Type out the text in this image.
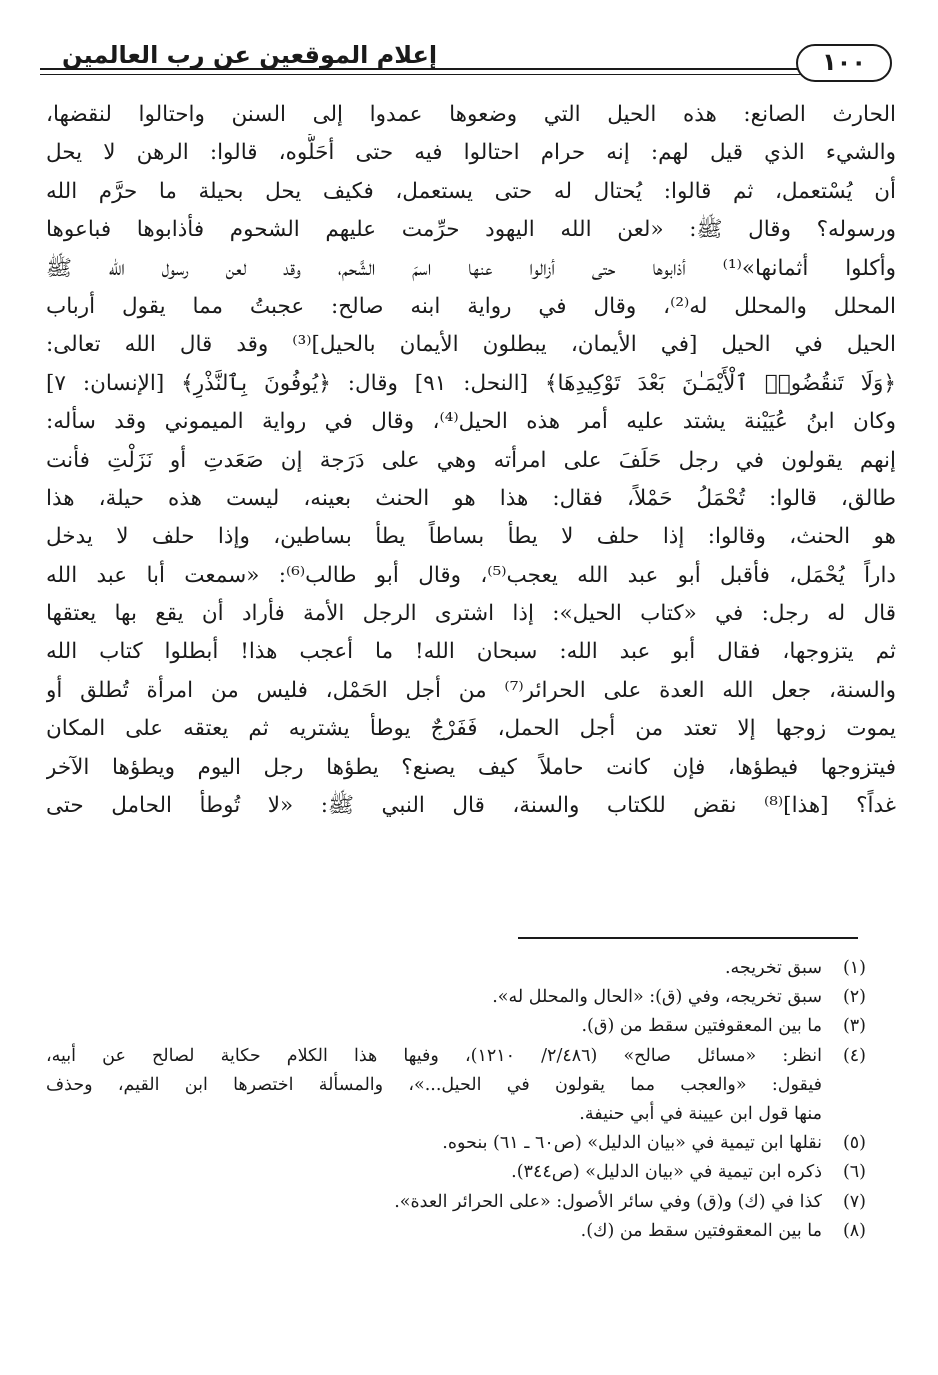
إعلام الموقعين عن رب العالمين	١٠٠
الحارث الصانع: هذه الحيل التي وضعوها عمدوا إلى السنن واحتالوا لنقضها،
والشيء الذي قيل لهم: إنه حرام احتالوا فيه حتى أحَلُّوه، قالوا: الرهن لا يحل
أن يُسْتعمل، ثم قالوا: يُحتال له حتى يستعمل، فكيف يحل بحيلة ما حرَّم الله
ورسوله؟ وقال ﷺ: «لعن الله اليهود حرِّمت عليهم الشحوم فأذابوها فباعوها
وأكلوا أثمانها»⁽¹⁾ أذابوها حتى أزالوا عنها اسمَ الشَّحم، وقد لعن رسول الله ﷺ
المحلل والمحلل له⁽²⁾، وقال في رواية ابنه صالح: عجبتُ مما يقول أرباب
الحيل في الحيل [في الأيمان، يبطلون الأيمان بالحيل]⁽³⁾ وقد قال الله تعالى:
﴿وَلَا تَنقُضُوا۟ ٱلْأَيْمَـٰنَ بَعْدَ تَوْكِيدِهَا﴾ [النحل: ٩١] وقال: ﴿يُوفُونَ بِٱلنَّذْرِ﴾ [الإنسان: ٧]
وكان ابنُ عُيَيْنة يشتد عليه أمر هذه الحيل⁽⁴⁾، وقال في رواية الميموني وقد سأله:
إنهم يقولون في رجل حَلَفَ على امرأته وهي على دَرَجة إن صَعَدتِ أو نَزَلْتِ فأنت
طالق، قالوا: تُحْمَلُ حَمْلاً، فقال: هذا هو الحنث بعينه، ليست هذه حيلة، هذا
هو الحنث، وقالوا: إذا حلف لا يطأ بساطاً يطأ بساطين، وإذا حلف لا يدخل
داراً يُحْمَل، فأقبل أبو عبد الله يعجب⁽⁵⁾، وقال أبو طالب⁽⁶⁾: «سمعت أبا عبد الله
قال له رجل: في «كتاب الحيل»: إذا اشترى الرجل الأمة فأراد أن يقع بها يعتقها
ثم يتزوجها، فقال أبو عبد الله: سبحان الله! ما أعجب هذا! أبطلوا كتاب الله
والسنة، جعل الله العدة على الحرائر⁽⁷⁾ من أجل الحَمْل، فليس من امرأة تُطلق أو
يموت زوجها إلا تعتد من أجل الحمل، فَفَرْجٌ يوطأ يشتريه ثم يعتقه على المكان
فيتزوجها فيطؤها، فإن كانت حاملاً كيف يصنع؟ يطؤها رجل اليوم ويطؤها الآخر
غداً؟ [هذا]⁽⁸⁾ نقض للكتاب والسنة، قال النبي ﷺ: «لا تُوطأ الحامل حتى
(١)
سبق تخريجه.
(٢)
سبق تخريجه، وفي (ق): «الحال والمحلل له».
(٣)
ما بين المعقوفتين سقط من (ق).
(٤)
انظر: «مسائل صالح» (٢/٤٨٦/ ١٢١٠)، وفيها هذا الكلام حكاية لصالح عن أبيه،
فيقول: «والعجب مما يقولون في الحيل...»، والمسألة اختصرها ابن القيم، وحذف
منها قول ابن عيينة في أبي حنيفة.
(٥)
نقلها ابن تيمية في «بيان الدليل» (ص٦٠ ـ ٦١) بنحوه.
(٦)
ذكره ابن تيمية في «بيان الدليل» (ص٣٤٤).
(٧)
كذا في (ك) و(ق) وفي سائر الأصول: «على الحرائر العدة».
(٨)
ما بين المعقوفتين سقط من (ك).
